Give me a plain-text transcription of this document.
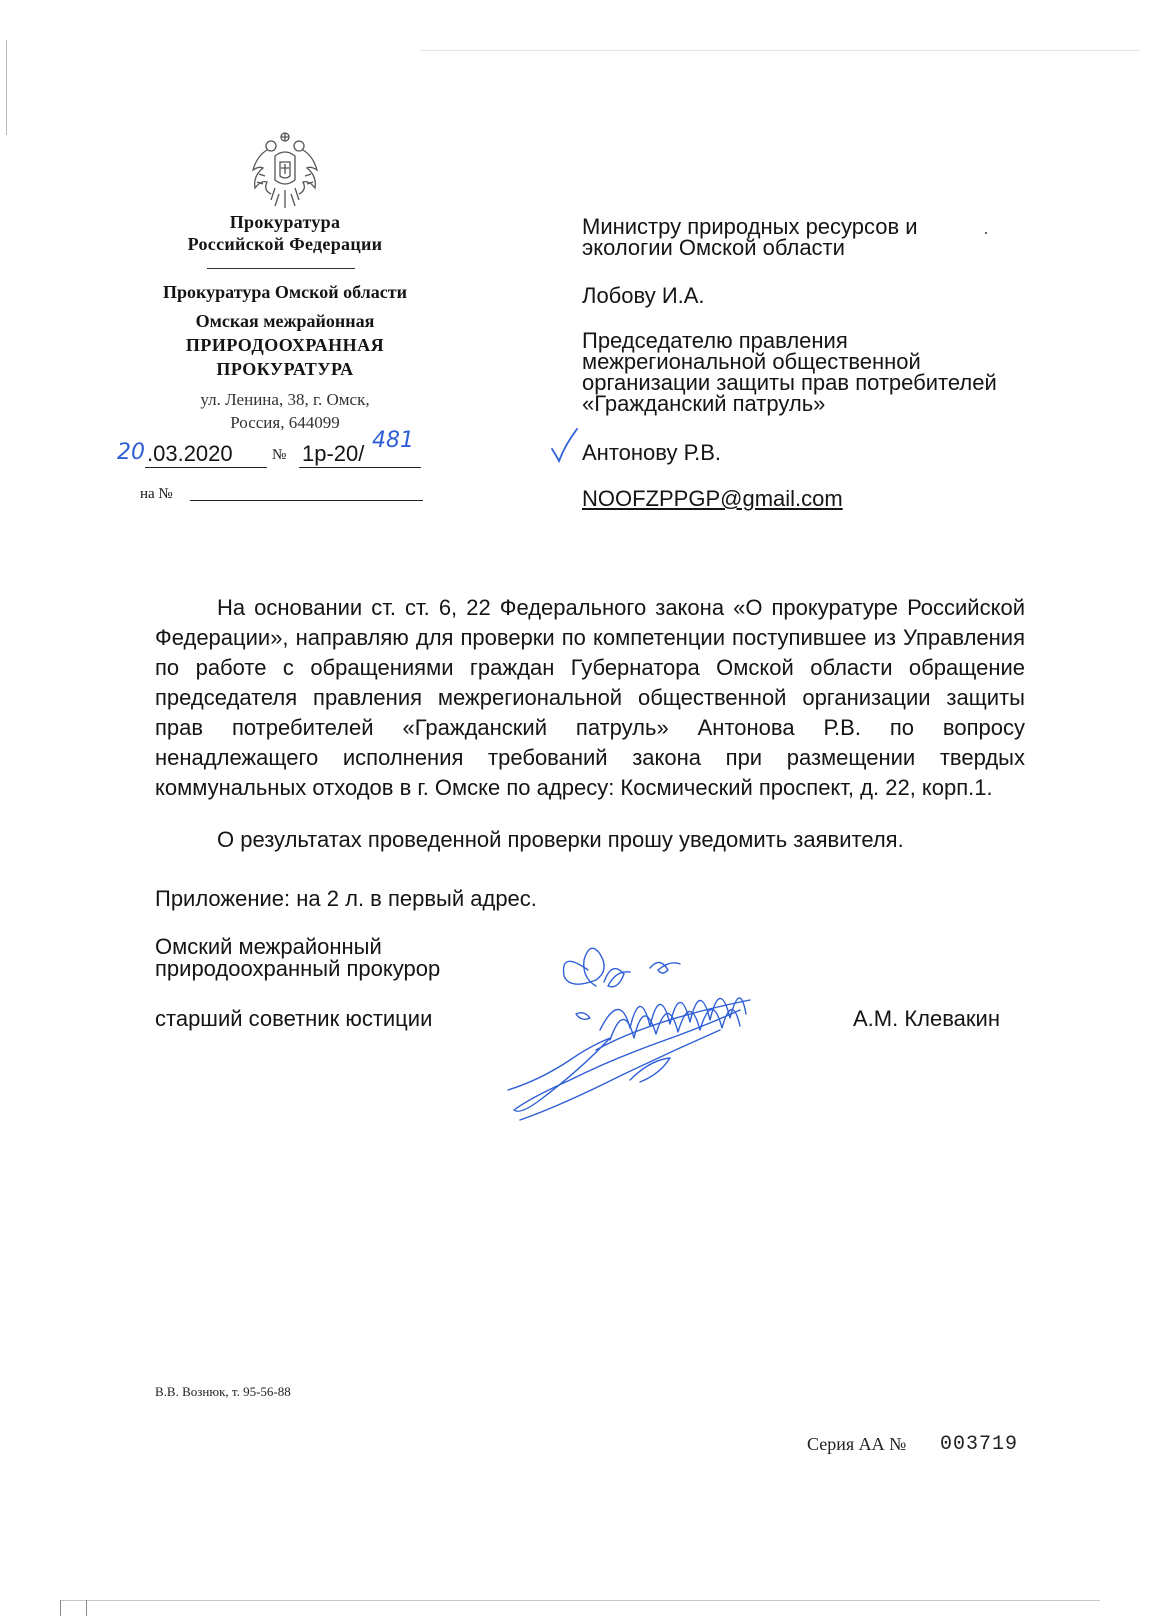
Прокуратура
Российской Федерации
Прокуратура Омской области
Омская межрайонная
ПРИРОДООХРАННАЯ
ПРОКУРАТУРА
ул. Ленина, 38, г. Омск,
Россия, 644099
20 .03.2020	№ 1р-20/
481
на №
Министру природных ресурсов и
экологии Омской области
Лобову И.А.
Председателю правления
межрегиональной общественной
организации защиты прав потребителей
«Гражданский патруль»
Антонову Р.В.
NOOFZPPGP@gmail.com

На основании ст. ст. 6, 22 Федерального закона «О прокуратуре Российской Федерации», направляю для проверки по компетенции поступившее из Управления по работе с обращениями граждан Губернатора Омской области обращение председателя правления межрегиональной общественной организации защиты прав потребителей «Гражданский патруль» Антонова Р.В. по вопросу ненадлежащего исполнения требований закона при размещении твердых коммунальных отходов в г. Омске по адресу: Космический проспект, д. 22, корп.1.

О результатах проведенной проверки прошу уведомить заявителя.
Приложение: на 2 л. в первый адрес.
Омский межрайонный
природоохранный прокурор
старший советник юстиции	А.М. Клевакин
В.В. Вознюк, т. 95-56-88
Серия АА № 003719
